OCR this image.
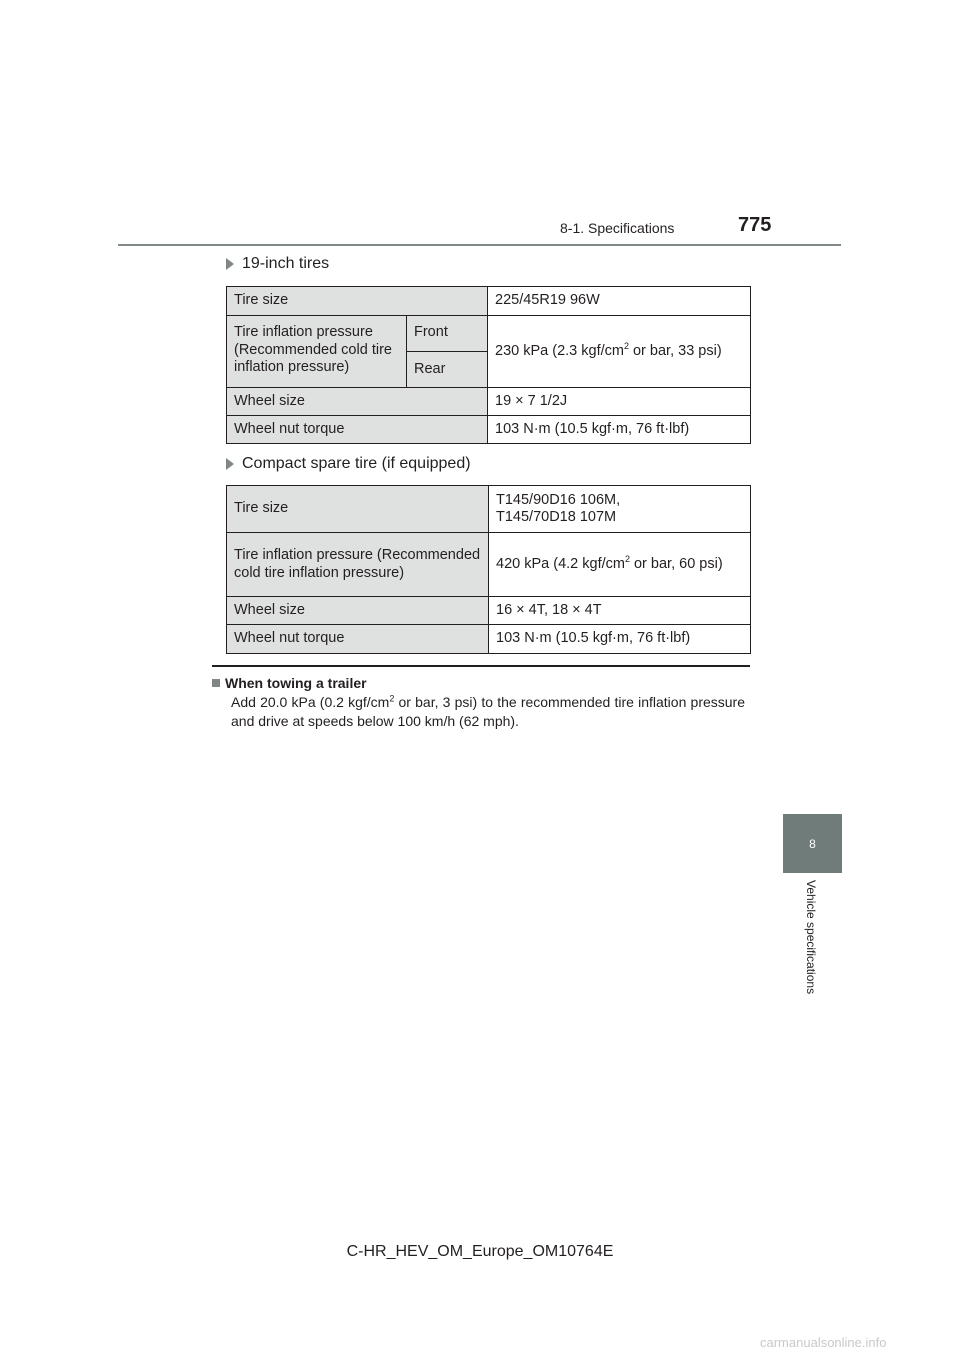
8-1. Specifications	775
19-inch tires
Tire size		225/45R19 96W
Tire inflation pressure (Recommended cold tire inflation pressure)	Front	230 kPa (2.3 kgf/$cm^2$ or bar, 33 psi)
	Rear	
Wheel size		19 × 7 1/2J
Wheel nut torque		103 N·m (10.5 kgf·m, 76 ft·lbf)
Compact spare tire (if equipped)
Tire size	T145/90D16 106M,
T145/70D18 107M
Tire inflation pressure (Recommended cold tire inflation pressure)	420 kPa (4.2 kgf/$cm^2$ or bar, 60 psi)
Wheel size	16 × 4T, 18 × 4T
Wheel nut torque	103 N·m (10.5 kgf·m, 76 ft·lbf)
When towing a trailer
Add 20.0 kPa (0.2 kgf/$cm^2$ or bar, 3 psi) to the recommended tire inflation pressure and drive at speeds below 100 km/h (62 mph).
8
Vehicle specifications
C-HR_HEV_OM_Europe_OM10764E
carmanualsonline.info
